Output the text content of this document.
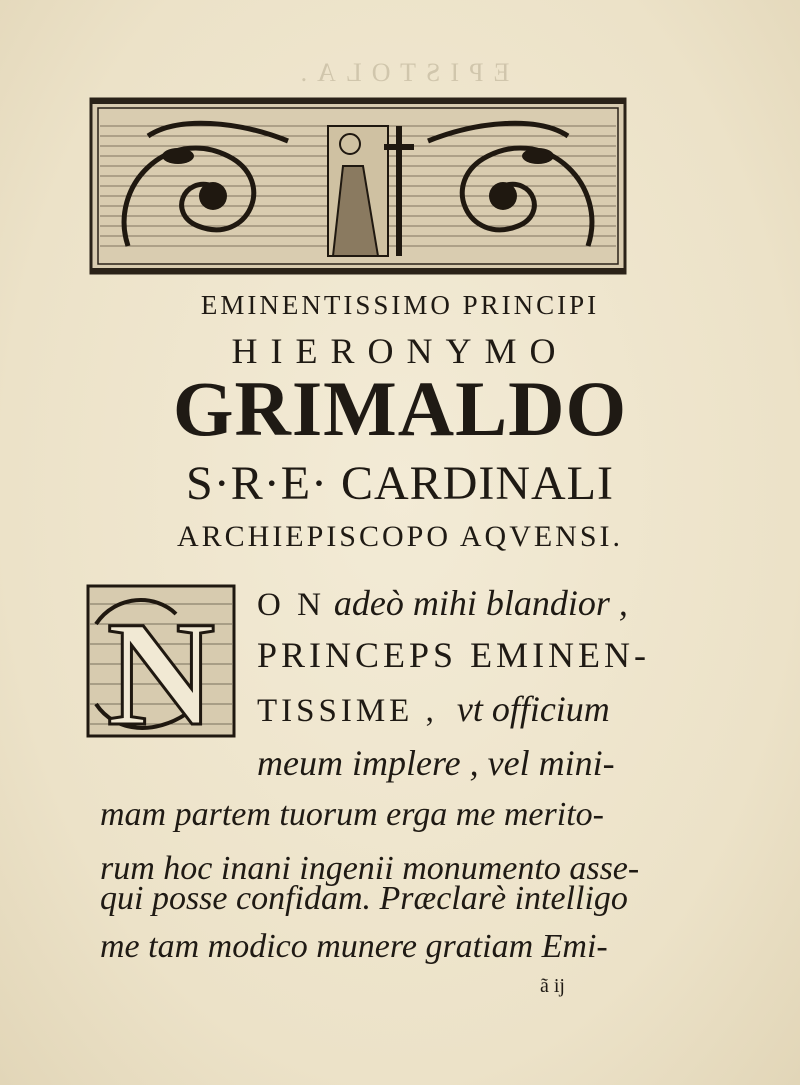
EPISTOLA.
EMINENTISSIMO PRINCIPI
HIERONYMO
GRIMALDO
S·R·E· CARDINALI
ARCHIEPISCOPO AQVENSI.
N O N adeò mihi blandior ,
PRINCEPS EMINEN-
TISSIME , vt officium
meum implere , vel mini-
mam partem tuorum erga me merito-
rum hoc inani ingenii monumento asse-
qui posse confidam. Præclarè intelligo
me tam modico munere gratiam Emi-
ã ij
